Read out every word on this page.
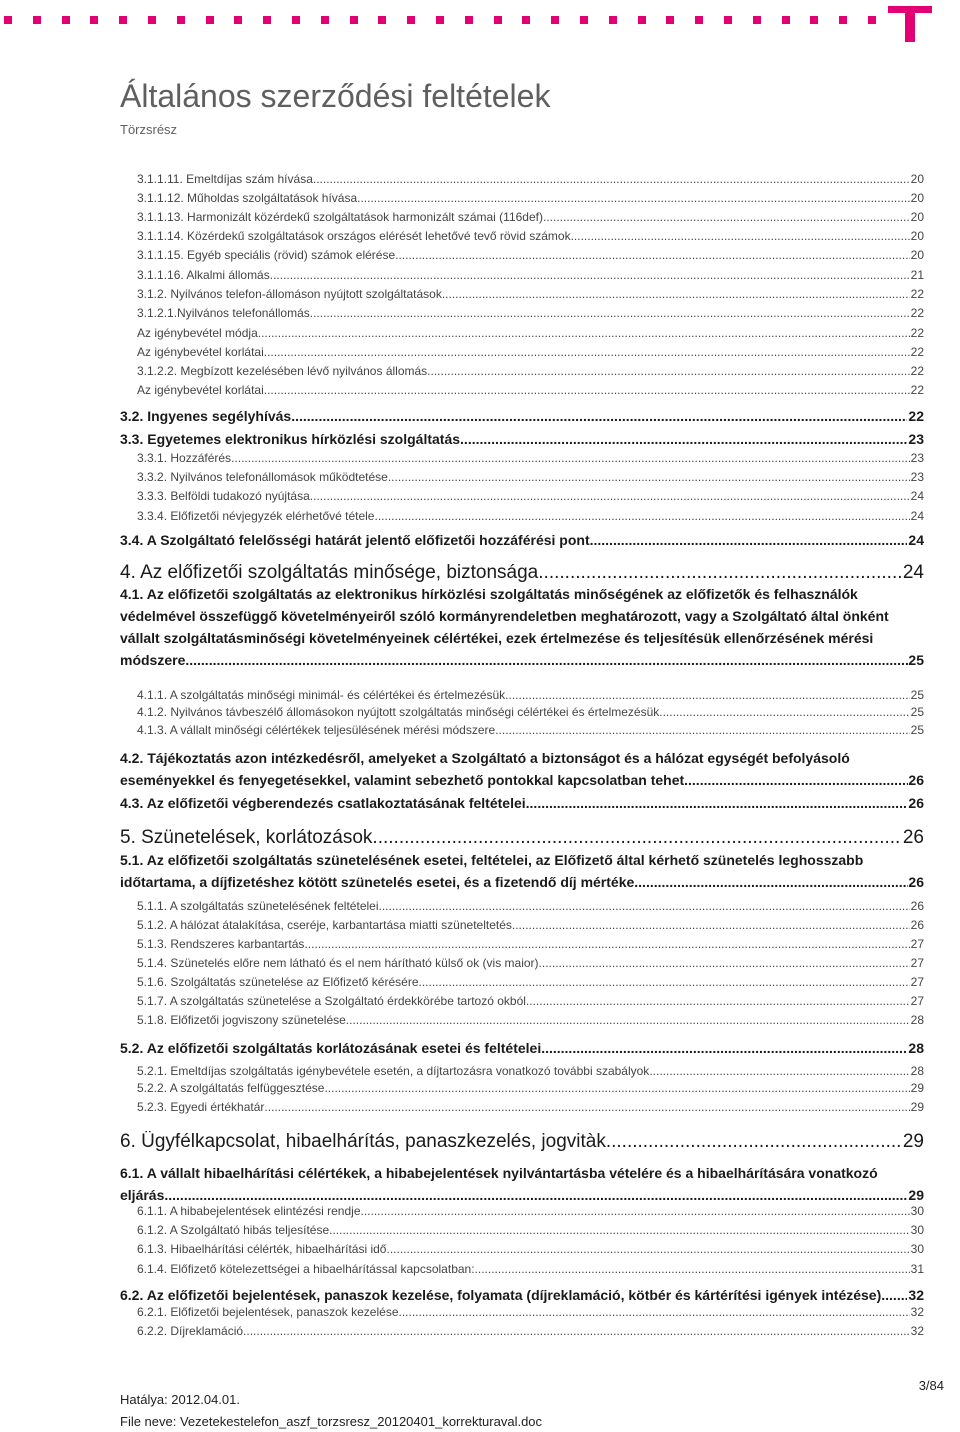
Általános szerződési feltételek
Törzsrész
3.1.1.11. Emeltdíjas szám hívása .....	20
3.1.1.12. Műholdas szolgáltatások hívása .....	20
3.1.1.13. Harmonizált közérdekű szolgáltatások harmonizált számai (116def) .....	20
3.1.1.14. Közérdekű szolgáltatások országos elérését lehetővé tevő rövid számok .....	20
3.1.1.15. Egyéb speciális (rövid) számok elérése .....	20
3.1.1.16. Alkalmi állomás .....	21
3.1.2. Nyilvános telefon-állomáson nyújtott szolgáltatások .....	22
3.1.2.1.Nyilvános telefonállomás .....	22
Az igénybevétel módja .....	22
Az igénybevétel korlátai .....	22
3.1.2.2. Megbízott kezelésében lévő nyilvános állomás .....	22
Az igénybevétel korlátai .....	22
3.2. Ingyenes segélyhívás .....	22
3.3. Egyetemes elektronikus hírközlési szolgáltatás .....	23
3.3.1. Hozzáférés .....	23
3.3.2. Nyilvános telefonállomások működtetése .....	23
3.3.3. Belföldi tudakozó nyújtása .....	24
3.3.4. Előfizetői névjegyzék elérhetővé tétele .....	24
3.4. A Szolgáltató felelősségi határát jelentő előfizetői hozzáférési pont .....	24
4. Az előfizetői szolgáltatás minősége, biztonsága .....	24
4.1. Az előfizetői szolgáltatás az elektronikus hírközlési szolgáltatás minőségének az előfizetők és felhasználók
védelmével összefüggő követelményeiről szóló kormányrendeletben meghatározott, vagy a Szolgáltató által önként
vállalt szolgáltatásminőségi követelményeinek célértékei, ezek értelmezése és teljesítésük ellenőrzésének mérési
módszere .....	25
4.1.1. A szolgáltatás minőségi minimál- és célértékei és értelmezésük .....	25
4.1.2. Nyilvános távbeszélő állomásokon nyújtott szolgáltatás minőségi célértékei és értelmezésük .....	25
4.1.3. A vállalt minőségi célértékek teljesülésének mérési módszere .....	25
4.2. Tájékoztatás azon intézkedésről, amelyeket a Szolgáltató a biztonságot és a hálózat egységét befolyásoló
eseményekkel és fenyegetésekkel, valamint sebezhető pontokkal kapcsolatban tehet .....	26
4.3. Az előfizetői végberendezés csatlakoztatásának feltételei .....	26
5. Szünetelések, korlátozások .....	26
5.1. Az előfizetői szolgáltatás szünetelésének esetei, feltételei, az Előfizető által kérhető szünetelés leghosszabb
időtartama, a díjfizetéshez kötött szünetelés esetei, és a fizetendő díj mértéke .....	26
5.1.1. A szolgáltatás szünetelésének feltételei .....	26
5.1.2. A hálózat átalakítása, cseréje, karbantartása miatti szüneteltetés .....	26
5.1.3. Rendszeres karbantartás .....	27
5.1.4. Szünetelés előre nem látható és el nem hárítható külső ok (vis maior) .....	27
5.1.6. Szolgáltatás szünetelése az Előfizető kérésére .....	27
5.1.7. A szolgáltatás szünetelése a Szolgáltató érdekkörébe tartozó okból .....	27
5.1.8. Előfizetői jogviszony szünetelése .....	28
5.2. Az előfizetői szolgáltatás korlátozásának esetei és feltételei .....	28
5.2.1. Emeltdíjas szolgáltatás igénybevétele esetén, a díjtartozásra vonatkozó további szabályok .....	28
5.2.2. A szolgáltatás felfüggesztése .....	29
5.2.3. Egyedi értékhatár .....	29
6. Ügyfélkapcsolat, hibaelhárítás, panaszkezelés, jogvitàk .....	29
6.1. A vállalt hibaelhárítási célértékek, a hibabejelentések nyilvántartásba vételére és a hibaelhárítására vonatkozó
eljárás .....	29
6.1.1. A hibabejelentések elintézési rendje .....	30
6.1.2. A Szolgáltató hibás teljesítése .....	30
6.1.3. Hibaelhárítási célérték, hibaelhárítási idő .....	30
6.1.4. Előfizető kötelezettségei a hibaelhárítással kapcsolatban: .....	31
6.2. Az előfizetői bejelentések, panaszok kezelése, folyamata (díjreklamáció, kötbér és kártérítési igények intézése) ..... 32
6.2.1. Előfizetői bejelentések, panaszok kezelése .....	32
6.2.2. Díjreklamáció .....	32
Hatálya: 2012.04.01.
File neve: Vezetekestelefon_aszf_torzsresz_20120401_korrekturaval.doc
3/84
